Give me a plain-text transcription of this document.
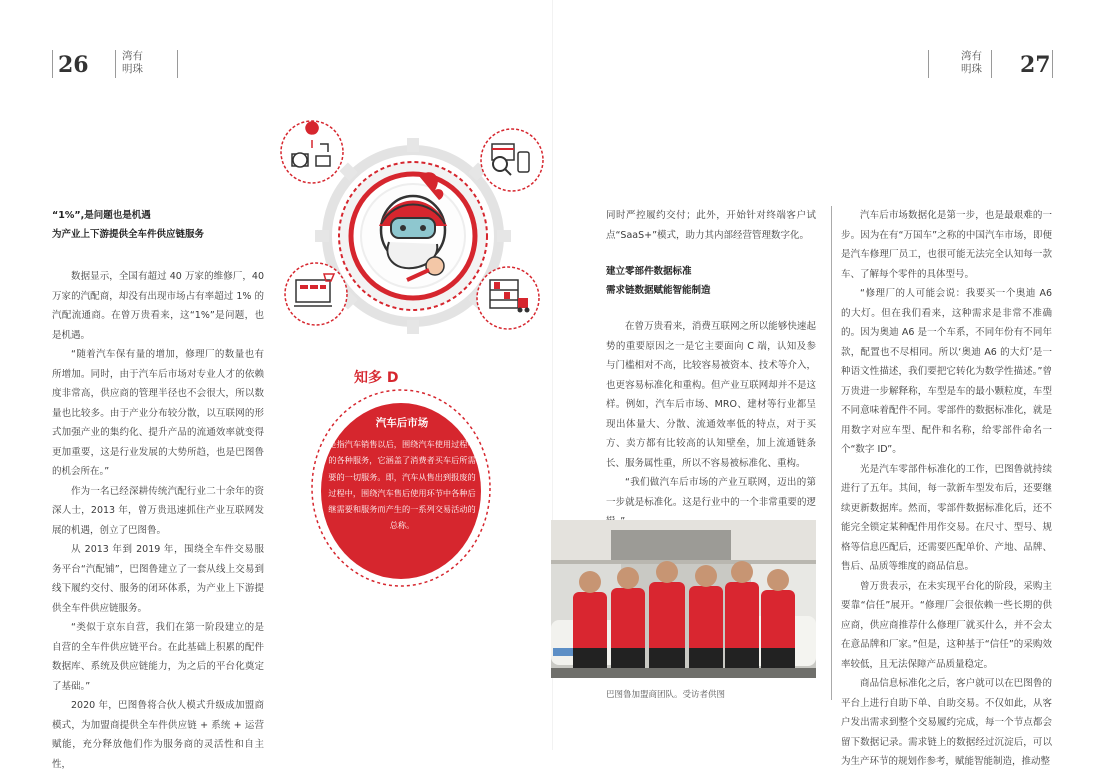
26	湾有
明珠
湾有
明珠 27

“1%”,是问题也是机遇

为产业上下游提供全车件供应链服务

数据显示，全国有超过 40 万家的维修厂，40 万家的汽配商，却没有出现市场占有率超过 1% 的汽配流通商。在曾万贵看来，这“1%”是问题，也是机遇。

“随着汽车保有量的增加，修理厂的数量也有所增加。同时，由于汽车后市场对专业人才的依赖度非常高，供应商的管理半径也不会很大，所以数量也比较多。由于产业分布较分散，以互联网的形式加强产业的集约化、提升产品的流通效率就变得更加重要，这是行业发展的大势所趋，也是巴图鲁的机会所在。”

作为一名已经深耕传统汽配行业二十余年的资深人士，2013 年，曾万贵迅速抓住产业互联网发展的机遇，创立了巴图鲁。

从 2013 年到 2019 年，围绕全车件交易服务平台“汽配铺”，巴图鲁建立了一套从线上交易到线下履约交付、服务的闭环体系，为产业上下游提供全车件供应链服务。

“类似于京东自营，我们在第一阶段建立的是自营的全车件供应链平台。在此基础上积累的配件数据库、系统及供应链能力，为之后的平台化奠定了基础。”

2020 年，巴图鲁将合伙人模式升级成加盟商模式，为加盟商提供全车件供应链 + 系统 + 运营赋能，充分释放他们作为服务商的灵活性和自主性，

知多 D

汽车后市场

是指汽车销售以后，围绕汽车使用过程中的各种服务，它涵盖了消费者买车后所需要的一切服务。即，汽车从售出到报废的过程中，围绕汽车售后使用环节中各种后继需要和服务而产生的一系列交易活动的总称。

同时严控履约交付；此外，开始针对终端客户试点“SaaS+”模式，助力其内部经营管理数字化。

建立零部件数据标准

需求链数据赋能智能制造

在曾万贵看来，消费互联网之所以能够快速起势的重要原因之一是它主要面向 C 端，认知及参与门槛相对不高，比较容易被资本、技术等介入，也更容易标准化和重构。但产业互联网却并不是这样。例如，汽车后市场、MRO、建材等行业都呈现出体量大、分散、流通效率低的特点，对于买方、卖方都有比较高的认知壁垒，加上流通链条长、服务属性重，所以不容易被标准化、重构。

“我们做汽车后市场的产业互联网，迈出的第一步就是标准化。这是行业中的一个非常重要的逻

巴图鲁加盟商团队。受访者供图

汽车后市场数据化是第一步，也是最艰难的一步。因为在有“万国车”之称的中国汽车市场，即便是汽车修理厂员工，也很可能无法完全认知每一款车、了解每个零件的具体型号。

“修理厂的人可能会说：我要买一个奥迪 A6 的大灯。但在我们看来，这种需求是非常不准确的。因为奥迪 A6 是一个车系，不同年份有不同年款，配置也不尽相同。所以‘奥迪 A6 的大灯’是一种语文性描述，我们要把它转化为数学性描述。”曾万贵进一步解释称，车型是车的最小颗粒度，车型不同意味着配件不同。零部件的数据标准化，就是用数字对应车型、配件和名称，给零部件命名一个“数字 ID”。

光是汽车零部件标准化的工作，巴图鲁就持续进行了五年。其间，每一款新车型发布后，还要继续更新数据库。然而，零部件数据标准化后，还不能完全锁定某种配件用作交易。在尺寸、型号、规格等信息匹配后，还需要匹配单价、产地、品牌、售后、品质等维度的商品信息。

曾万贵表示，在未实现平台化的阶段，采购主要靠“信任”展开。“修理厂会很依赖一些长期的供应商，供应商推荐什么修理厂就买什么，并不会太在意品牌和厂家。”但是，这种基于“信任”的采购效率较低，且无法保障产品质量稳定。

商品信息标准化之后，客户就可以在巴图鲁的平台上进行自助下单、自助交易。不仅如此，从客户发出需求到整个交易履约完成，每一个节点都会留下数据记录。需求链上的数据经过沉淀后，可以为生产环节的规划作参考，赋能智能制造，推动整
